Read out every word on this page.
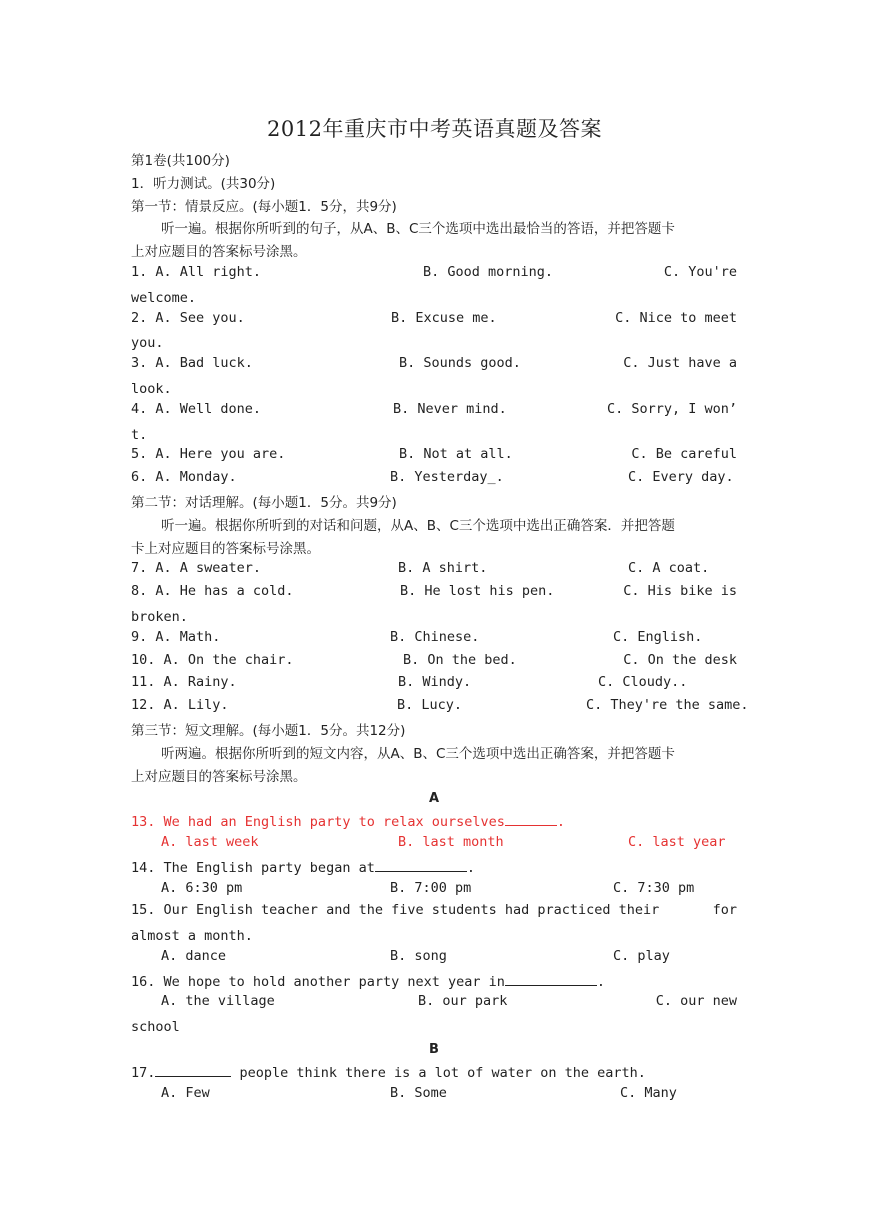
2012年重庆市中考英语真题及答案
第1卷(共100分)
1．听力测试。(共30分)
第一节：情景反应。(每小题1．5分，共9分)
听一遍。根据你所听到的句子，从A、B、C三个选项中选出最恰当的答语，并把答题卡
上对应题目的答案标号涂黑。
1. A. All right.	B. Good morning.	C. You're
welcome.
2. A. See you.	B. Excuse me.	C. Nice to meet
you.
3. A. Bad luck.	B. Sounds good.	C. Just have a
look.
4. A. Well done.	B. Never mind.	C. Sorry, I won’
t.
5. A. Here you are.	B. Not at all.	C. Be careful
6. A. Monday.	B. Yesterday_.	C. Every day.
第二节：对话理解。(每小题1．5分。共9分)
听一遍。根据你所听到的对话和问题，从A、B、C三个选项中选出正确答案．并把答题
卡上对应题目的答案标号涂黑。
7. A. A sweater.	B. A shirt.	C. A coat.
8. A. He has a cold.	B. He lost his pen.	C. His bike is
broken.
9. A. Math.	B. Chinese.	C. English.
10. A. On the chair.	B. On the bed.	C. On the desk
11. A. Rainy.	B. Windy.	C. Cloudy..
12. A. Lily.	B. Lucy.	C. They're the same.
第三节：短文理解。(每小题1．5分。共12分)
听两遍。根据你所听到的短文内容，从A、B、C三个选项中选出正确答案，并把答题卡
上对应题目的答案标号涂黑。
A
13. We had an English party to relax ourselves	.
A. last week	B. last month	C. last year
14. The English party began at	.
A. 6:30 pm	B. 7:00 pm	C. 7:30 pm
15. Our English teacher and the five students had practiced their	for
almost a month.
A. dance	B. song	C. play
16. We hope to hold another party next year in	.
A. the village	B. our park	C. our new
school
B
17.	people think there is a lot of water on the earth.
A. Few	B. Some	C. Many
